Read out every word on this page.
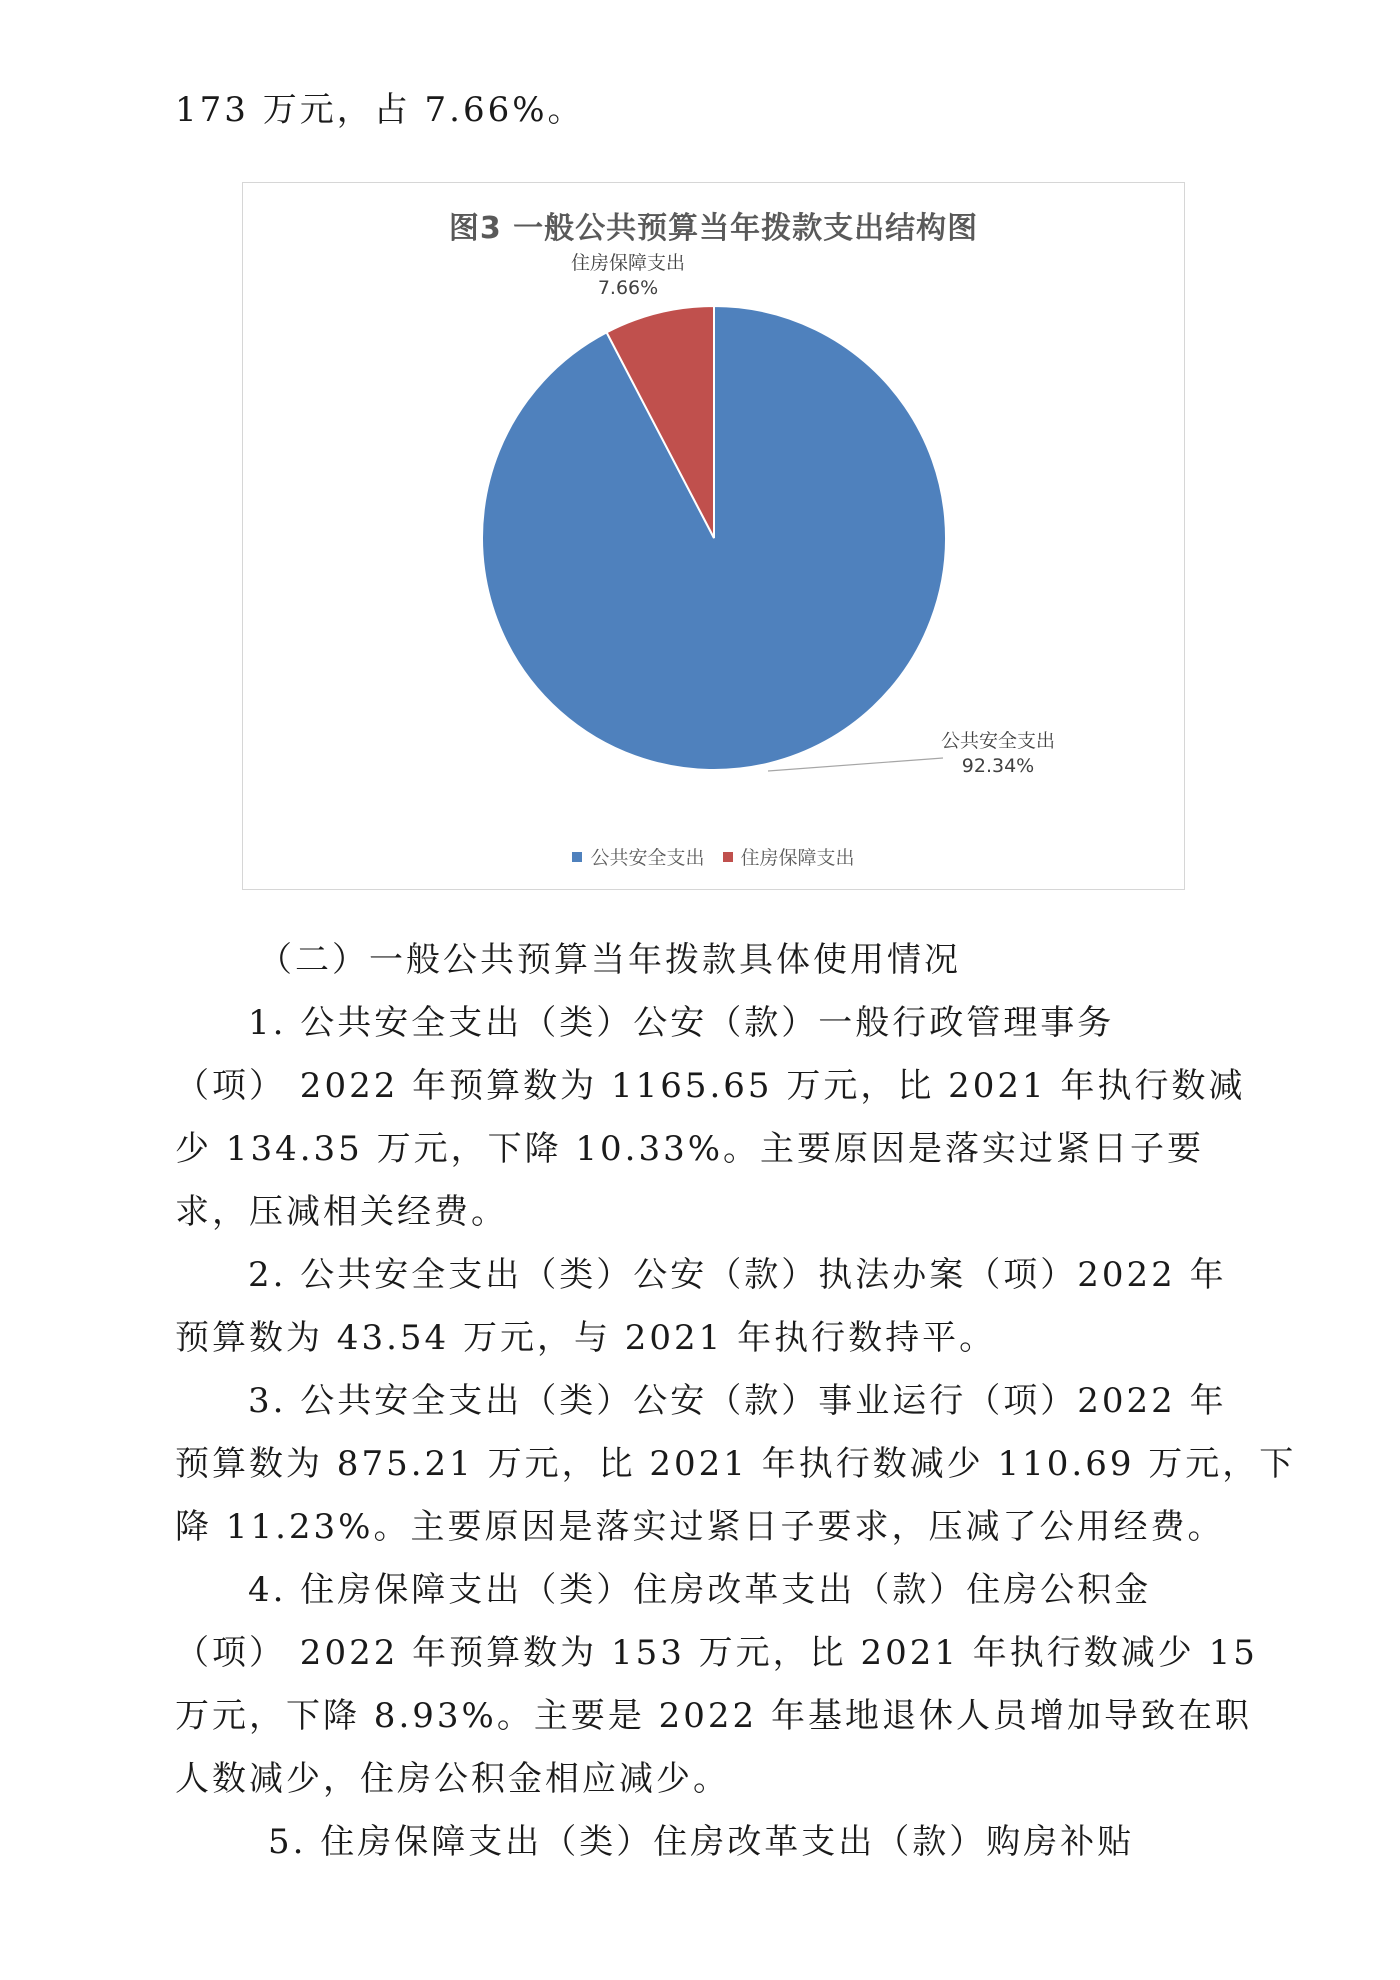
173 万元，占 7.66%。

图3 一般公共预算当年拨款支出结构图
住房保障支出
7.66%
公共安全支出
92.34%
公共安全支出
住房保障支出

（二）一般公共预算当年拨款具体使用情况

1. 公共安全支出（类）公安（款）一般行政管理事务

（项） 2022 年预算数为 1165.65 万元，比 2021 年执行数减

少 134.35 万元，下降 10.33%。主要原因是落实过紧日子要

求，压减相关经费。

2. 公共安全支出（类）公安（款）执法办案（项）2022 年

预算数为 43.54 万元，与 2021 年执行数持平。

3. 公共安全支出（类）公安（款）事业运行（项）2022 年

预算数为 875.21 万元，比 2021 年执行数减少 110.69 万元，下

降 11.23%。主要原因是落实过紧日子要求，压减了公用经费。

4. 住房保障支出（类）住房改革支出（款）住房公积金

（项） 2022 年预算数为 153 万元，比 2021 年执行数减少 15

万元，下降 8.93%。主要是 2022 年基地退休人员增加导致在职

人数减少，住房公积金相应减少。

5. 住房保障支出（类）住房改革支出（款）购房补贴
